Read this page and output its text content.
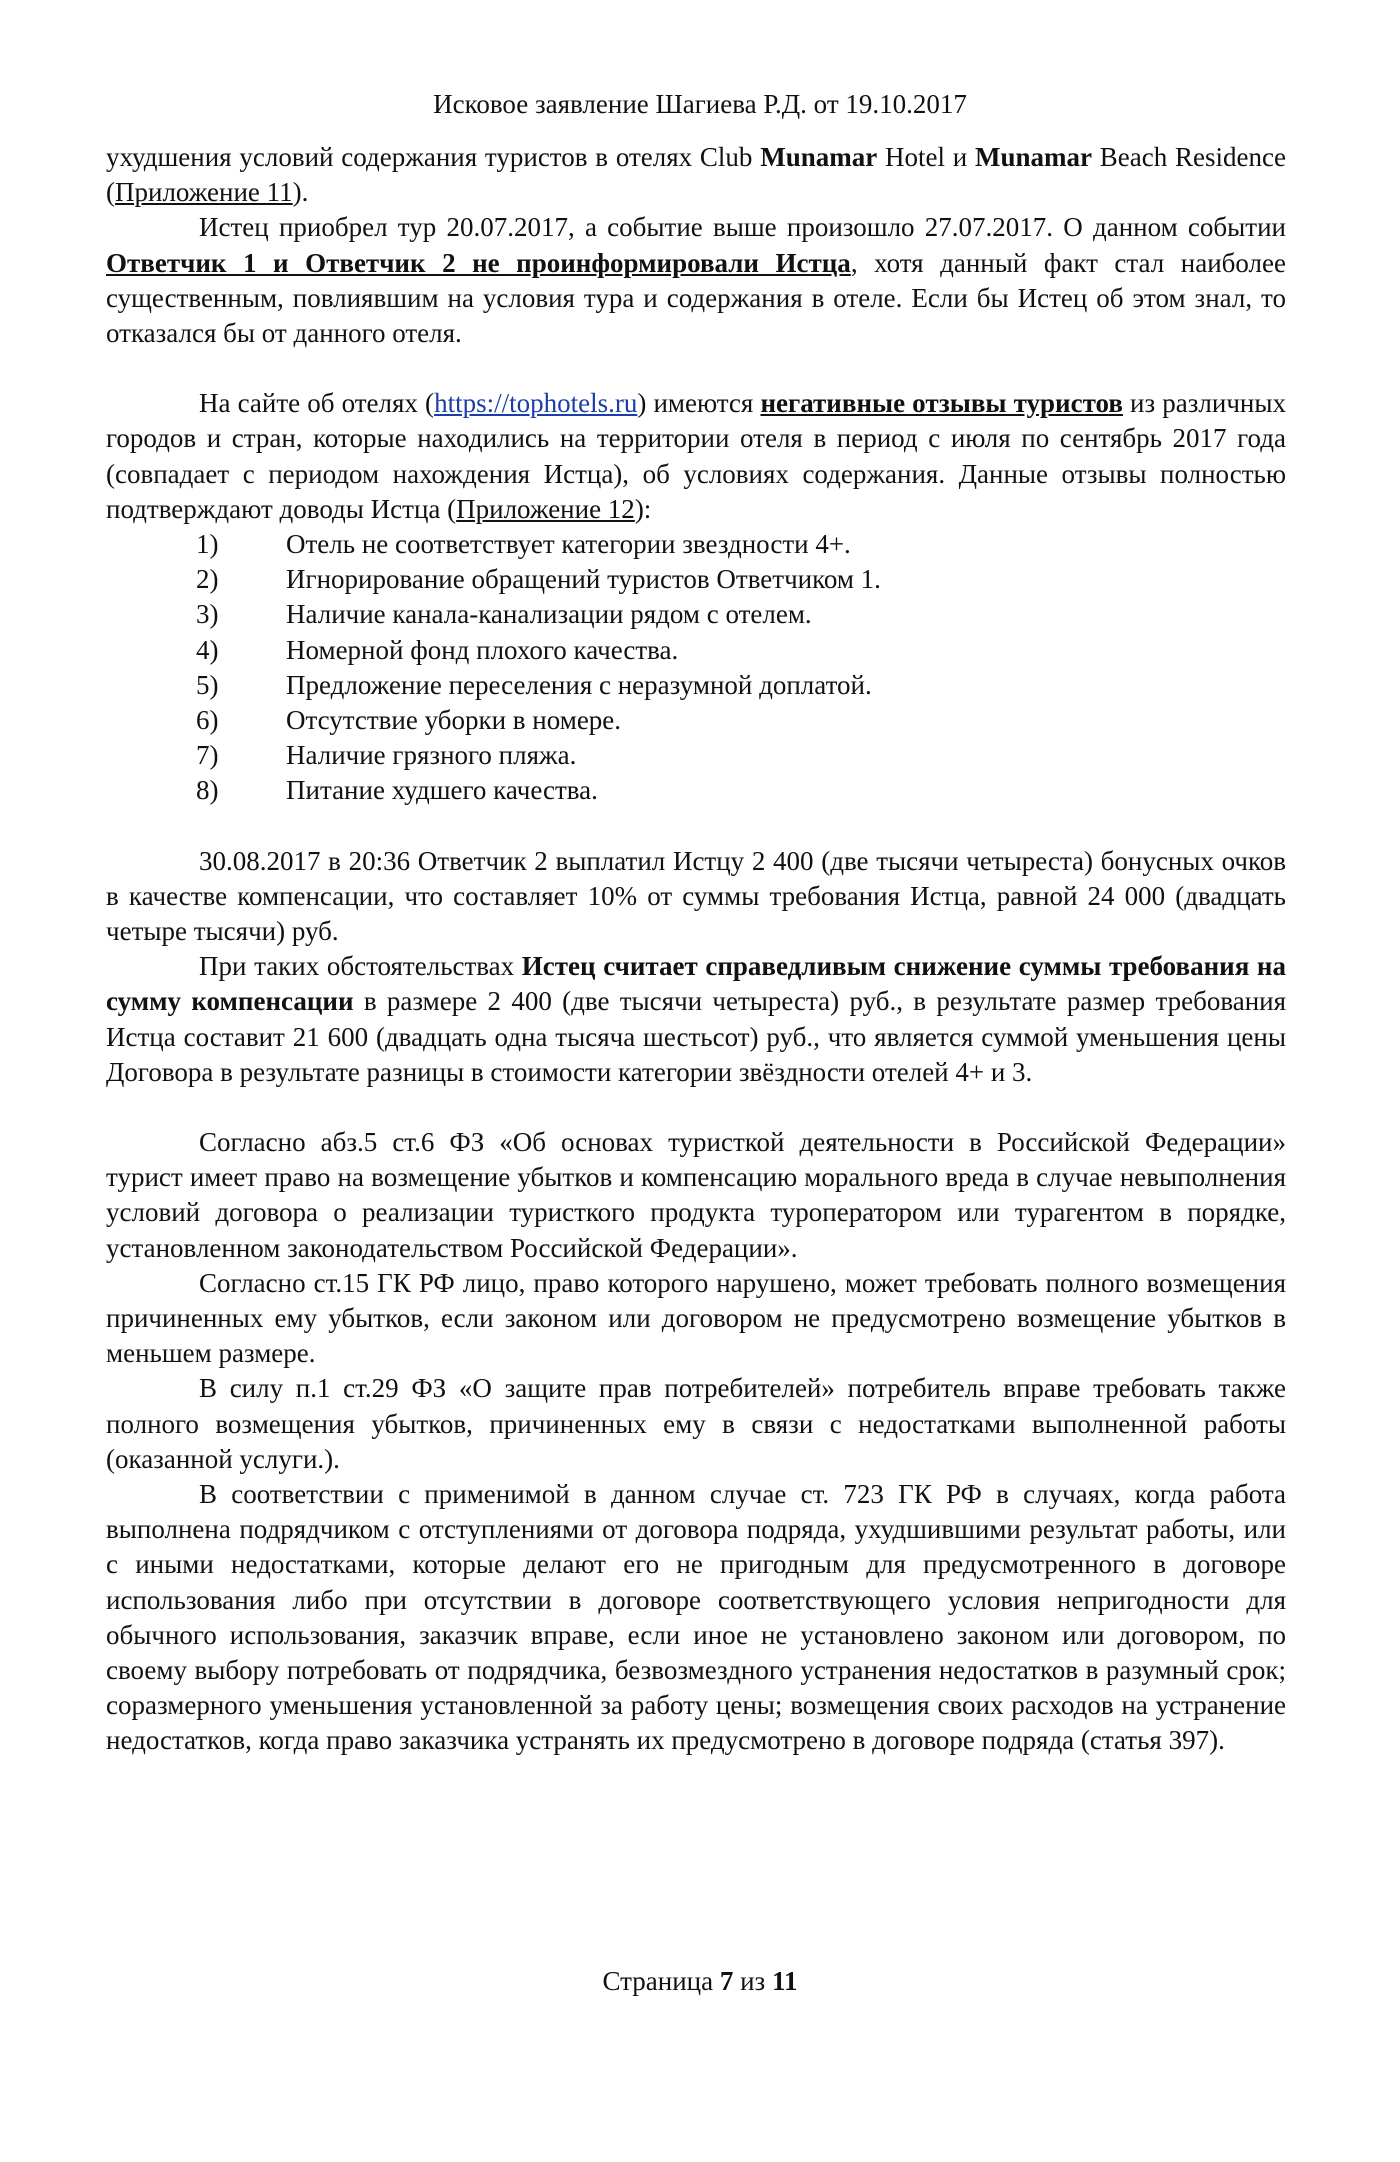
Исковое заявление Шагиева Р.Д. от 19.10.2017

ухудшения условий содержания туристов в отелях Club Munamar Hotel и Munamar Beach Residence (Приложение 11).

Истец приобрел тур 20.07.2017, а событие выше произошло 27.07.2017. О данном событии Ответчик 1 и Ответчик 2 не проинформировали Истца, хотя данный факт стал наиболее существенным, повлиявшим на условия тура и содержания в отеле. Если бы Истец об этом знал, то отказался бы от данного отеля.

На сайте об отелях (https://tophotels.ru) имеются негативные отзывы туристов из различных городов и стран, которые находились на территории отеля в период с июля по сентябрь 2017 года (совпадает с периодом нахождения Истца), об условиях содержания. Данные отзывы полностью подтверждают доводы Истца (Приложение 12):

1)	Отель не соответствует категории звездности 4+.
2)	Игнорирование обращений туристов Ответчиком 1.
3)	Наличие канала-канализации рядом с отелем.
4)	Номерной фонд плохого качества.
5)	Предложение переселения с неразумной доплатой.
6)	Отсутствие уборки в номере.
7)	Наличие грязного пляжа.
8)	Питание худшего качества.

30.08.2017 в 20:36 Ответчик 2 выплатил Истцу 2 400 (две тысячи четыреста) бонусных очков в качестве компенсации, что составляет 10% от суммы требования Истца, равной 24 000 (двадцать четыре тысячи) руб.

При таких обстоятельствах Истец считает справедливым снижение суммы требования на сумму компенсации в размере 2 400 (две тысячи четыреста) руб., в результате размер требования Истца составит 21 600 (двадцать одна тысяча шестьсот) руб., что является суммой уменьшения цены Договора в результате разницы в стоимости категории звёздности отелей 4+ и 3.

Согласно абз.5 ст.6 ФЗ «Об основах туристкой деятельности в Российской Федерации» турист имеет право на возмещение убытков и компенсацию морального вреда в случае невыполнения условий договора о реализации туристкого продукта туроператором или турагентом в порядке, установленном законодательством Российской Федерации».

Согласно ст.15 ГК РФ лицо, право которого нарушено, может требовать полного возмещения причиненных ему убытков, если законом или договором не предусмотрено возмещение убытков в меньшем размере.

В силу п.1 ст.29 ФЗ «О защите прав потребителей» потребитель вправе требовать также полного возмещения убытков, причиненных ему в связи с недостатками выполненной работы (оказанной услуги.).

В соответствии с применимой в данном случае ст. 723 ГК РФ в случаях, когда работа выполнена подрядчиком с отступлениями от договора подряда, ухудшившими результат работы, или с иными недостатками, которые делают его не пригодным для предусмотренного в договоре использования либо при отсутствии в договоре соответствующего условия непригодности для обычного использования, заказчик вправе, если иное не установлено законом или договором, по своему выбору потребовать от подрядчика, безвозмездного устранения недостатков в разумный срок; соразмерного уменьшения установленной за работу цены; возмещения своих расходов на устранение недостатков, когда право заказчика устранять их предусмотрено в договоре подряда (статья 397).

Страница 7 из 11
